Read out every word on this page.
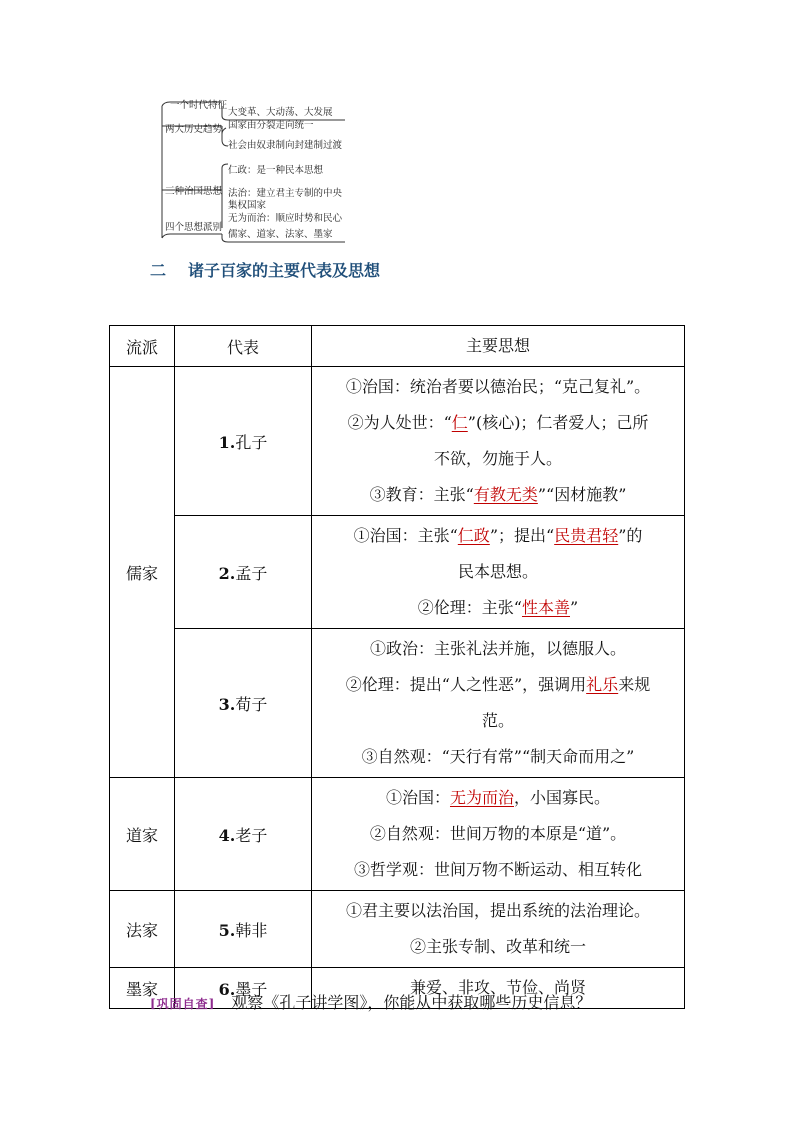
一个时代特征
大变革、大动荡、大发展
两大历史趋势 国家由分裂走向统一
社会由奴隶制向封建制过渡
三种治国思想
仁政：是一种民本思想
法治：建立君主专制的中央
集权国家
无为而治：顺应时势和民心
四个思想派别
儒家、道家、法家、墨家
二 诸子百家的主要代表及思想
流派	代表	主要思想
儒家	1.孔子	①治国：统治者要以德治民；“克己复礼”。
②为人处世：“仁”(核心)；仁者爱人；己所
不欲，勿施于人。
③教育：主张“有教无类”“因材施教”

	2.孟子	①治国：主张“仁政”；提出“民贵君轻”的
民本思想。
②伦理：主张“性本善”

	3.荀子	①政治：主张礼法并施，以德服人。
②伦理：提出“人之性恶”，强调用礼乐来规
范。
③自然观：“天行有常”“制天命而用之”

道家	4.老子	①治国：无为而治，小国寡民。
②自然观：世间万物的本原是“道”。
③哲学观：世间万物不断运动、相互转化

法家	5.韩非	①君主要以法治国，提出系统的法治理论。
②主张专制、改革和统一

墨家	6.墨子	兼爱、非攻、节俭、尚贤
[巩固自查] 观察《孔子讲学图》，你能从中获取哪些历史信息？
